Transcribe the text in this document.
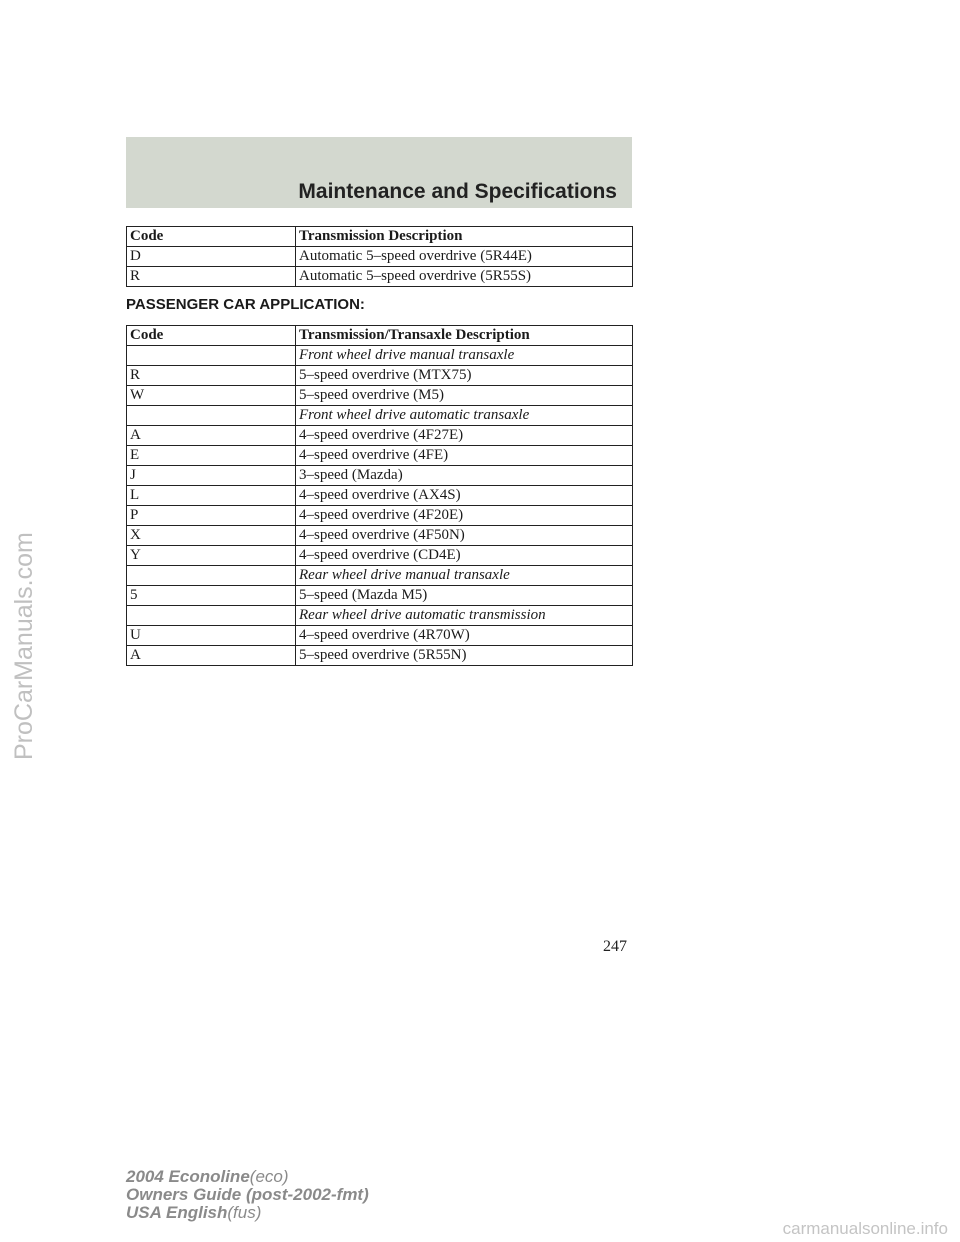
Maintenance and Specifications
Code	Transmission Description
D	Automatic 5–speed overdrive (5R44E)
R	Automatic 5–speed overdrive (5R55S)
PASSENGER CAR APPLICATION:
Code	Transmission/Transaxle Description
	Front wheel drive manual transaxle
R	5–speed overdrive (MTX75)
W	5–speed overdrive (M5)
	Front wheel drive automatic transaxle
A	4–speed overdrive (4F27E)
E	4–speed overdrive (4FE)
J	3–speed (Mazda)
L	4–speed overdrive (AX4S)
P	4–speed overdrive (4F20E)
X	4–speed overdrive (4F50N)
Y	4–speed overdrive (CD4E)
	Rear wheel drive manual transaxle
5	5–speed (Mazda M5)
	Rear wheel drive automatic transmission
U	4–speed overdrive (4R70W)
A	5–speed overdrive (5R55N)
247
2004 Econoline(eco)
Owners Guide (post-2002-fmt)
USA English(fus)
ProCarManuals.com
carmanualsonline.info
